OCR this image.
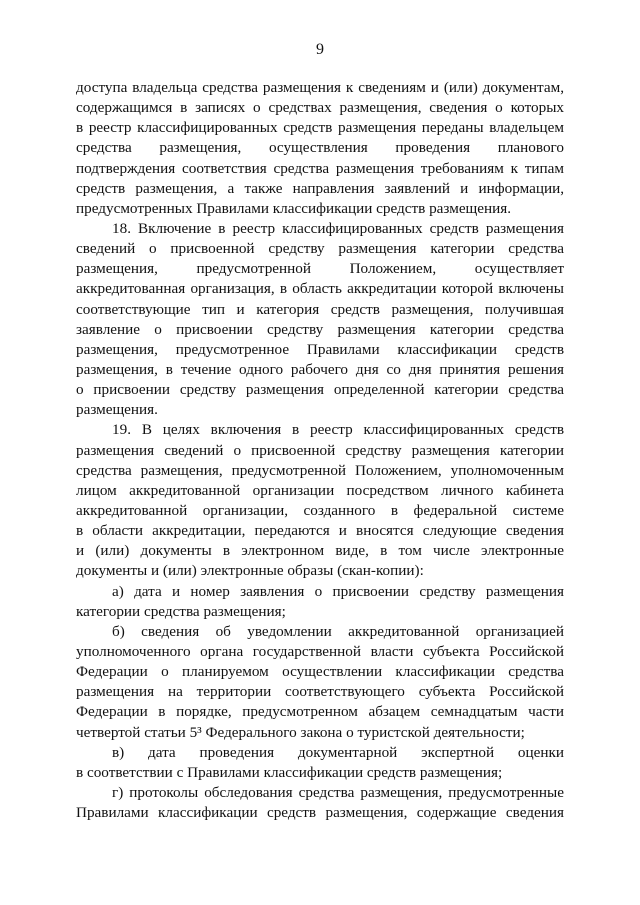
9
доступа владельца средства размещения к сведениям и (или) документам,
содержащимся в записях о средствах размещения, сведения о которых
в реестр классифицированных средств размещения переданы владельцем
средства размещения, осуществления проведения планового
подтверждения соответствия средства размещения требованиям к типам
средств размещения, а также направления заявлений и информации,
предусмотренных Правилами классификации средств размещения.
18. Включение в реестр классифицированных средств размещения
сведений о присвоенной средству размещения категории средства
размещения, предусмотренной Положением, осуществляет
аккредитованная организация, в область аккредитации которой включены
соответствующие тип и категория средств размещения, получившая
заявление о присвоении средству размещения категории средства
размещения, предусмотренное Правилами классификации средств
размещения, в течение одного рабочего дня со дня принятия решения
о присвоении средству размещения определенной категории средства
размещения.
19. В целях включения в реестр классифицированных средств
размещения сведений о присвоенной средству размещения категории
средства размещения, предусмотренной Положением, уполномоченным
лицом аккредитованной организации посредством личного кабинета
аккредитованной организации, созданного в федеральной системе
в области аккредитации, передаются и вносятся следующие сведения
и (или) документы в электронном виде, в том числе электронные
документы и (или) электронные образы (скан-копии):
а) дата и номер заявления о присвоении средству размещения
категории средства размещения;
б) сведения об уведомлении аккредитованной организацией
уполномоченного органа государственной власти субъекта Российской
Федерации о планируемом осуществлении классификации средства
размещения на территории соответствующего субъекта Российской
Федерации в порядке, предусмотренном абзацем семнадцатым части
четвертой статьи 5³ Федерального закона о туристской деятельности;
в) дата проведения документарной экспертной оценки
в соответствии с Правилами классификации средств размещения;
г) протоколы обследования средства размещения, предусмотренные
Правилами классификации средств размещения, содержащие сведения
